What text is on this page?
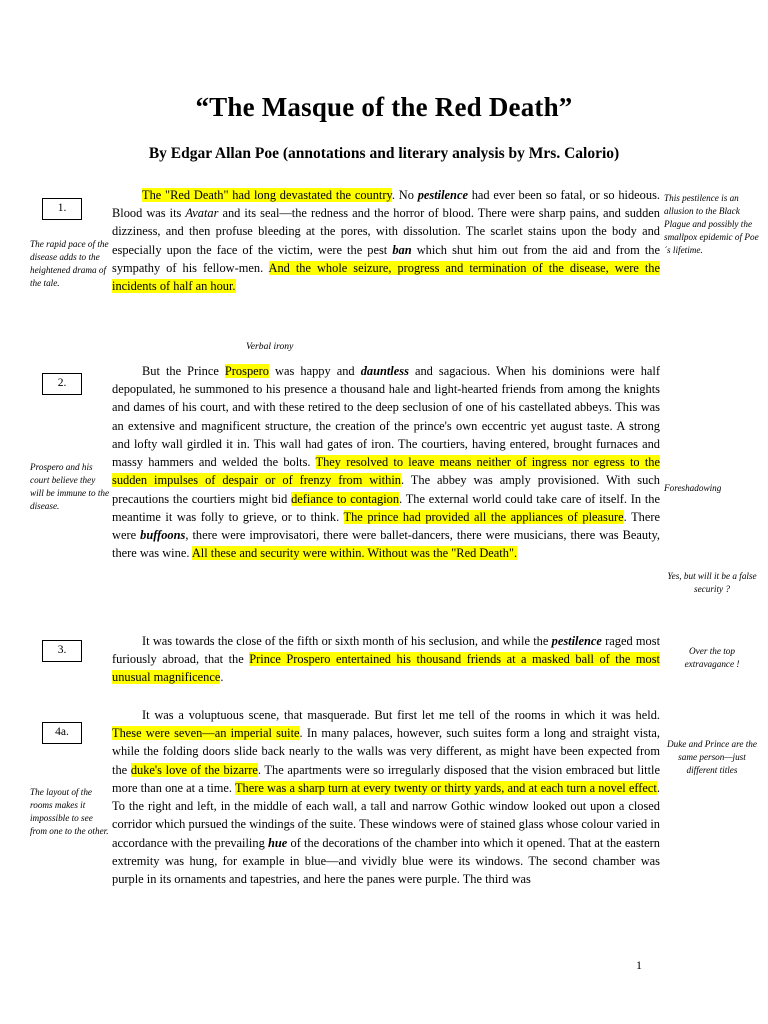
“The Masque of the Red Death”
By Edgar Allan Poe (annotations and literary analysis by Mrs. Calorio)
1.
2.
3.
4a.
The rapid pace of the disease adds to the heightened drama of the tale.
Prospero and his court believe they will be immune to the disease.
The layout of the rooms makes it impossible to see from one to the other.
This pestilence is an allusion to the Black Plague and possibly the smallpox epidemic of Poe´s lifetime.
Foreshadowing
Yes, but will it be a false security ?
Over the top extravagance !
Duke and Prince are the same person—just different titles
Verbal irony

The "Red Death" had long devastated the country. No pestilence had ever been so fatal, or so hideous. Blood was its Avatar and its seal—the redness and the horror of blood. There were sharp pains, and sudden dizziness, and then profuse bleeding at the pores, with dissolution. The scarlet stains upon the body and especially upon the face of the victim, were the pest ban which shut him out from the aid and from the sympathy of his fellow-men. And the whole seizure, progress and termination of the disease, were the incidents of half an hour.

But the Prince Prospero was happy and dauntless and sagacious. When his dominions were half depopulated, he summoned to his presence a thousand hale and light-hearted friends from among the knights and dames of his court, and with these retired to the deep seclusion of one of his castellated abbeys. This was an extensive and magnificent structure, the creation of the prince's own eccentric yet august taste. A strong and lofty wall girdled it in. This wall had gates of iron. The courtiers, having entered, brought furnaces and massy hammers and welded the bolts. They resolved to leave means neither of ingress nor egress to the sudden impulses of despair or of frenzy from within. The abbey was amply provisioned. With such precautions the courtiers might bid defiance to contagion. The external world could take care of itself. In the meantime it was folly to grieve, or to think. The prince had provided all the appliances of pleasure. There were buffoons, there were improvisatori, there were ballet-dancers, there were musicians, there was Beauty, there was wine. All these and security were within. Without was the "Red Death".

It was towards the close of the fifth or sixth month of his seclusion, and while the pestilence raged most furiously abroad, that the Prince Prospero entertained his thousand friends at a masked ball of the most unusual magnificence.

It was a voluptuous scene, that masquerade. But first let me tell of the rooms in which it was held. These were seven—an imperial suite. In many palaces, however, such suites form a long and straight vista, while the folding doors slide back nearly to the walls was very different, as might have been expected from the duke's love of the bizarre. The apartments were so irregularly disposed that the vision embraced but little more than one at a time. There was a sharp turn at every twenty or thirty yards, and at each turn a novel effect. To the right and left, in the middle of each wall, a tall and narrow Gothic window looked out upon a closed corridor which pursued the windings of the suite. These windows were of stained glass whose colour varied in accordance with the prevailing hue of the decorations of the chamber into which it opened. That at the eastern extremity was hung, for example in blue—and vividly blue were its windows. The second chamber was purple in its ornaments and tapestries, and here the panes were purple. The third was

1
